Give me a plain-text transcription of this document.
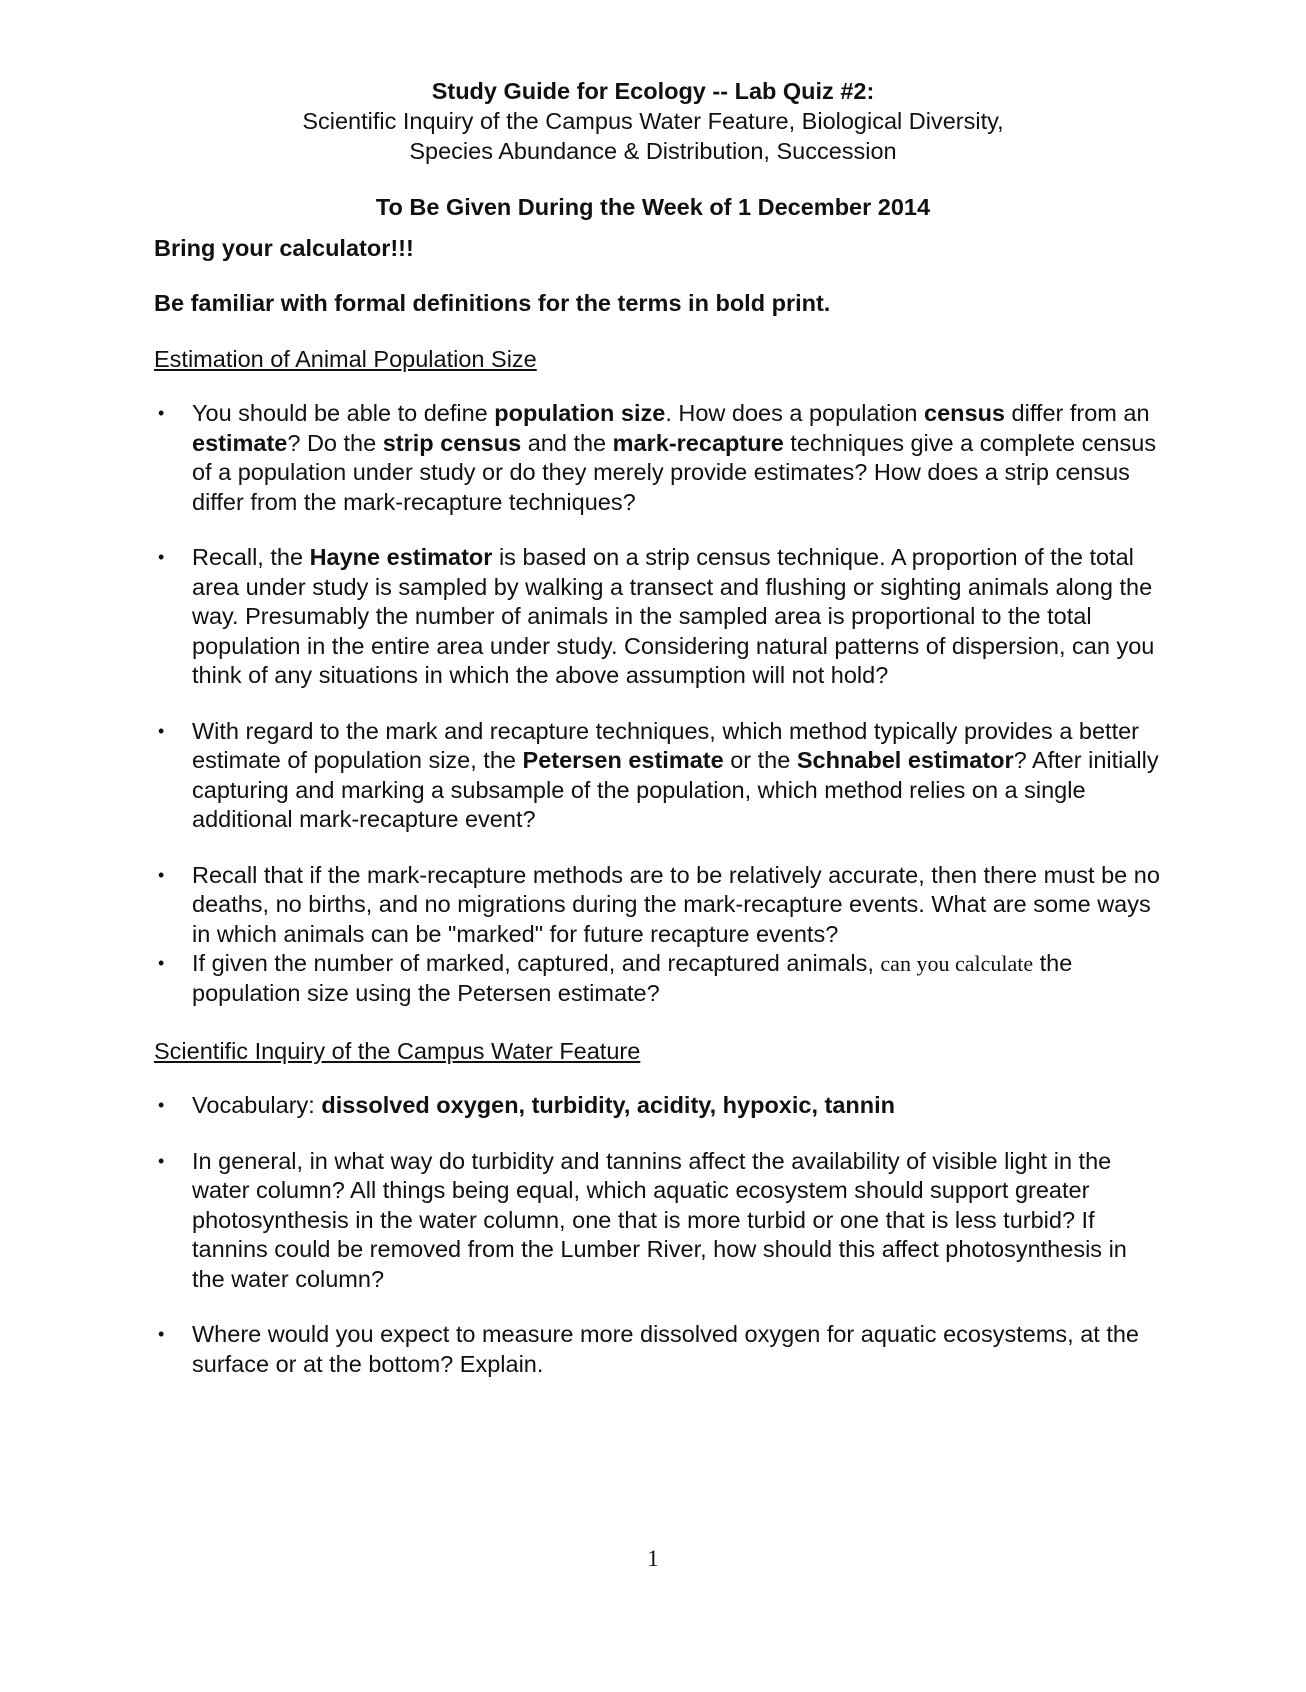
Study Guide for Ecology -- Lab Quiz #2:

Scientific Inquiry of the Campus Water Feature, Biological Diversity,

Species Abundance & Distribution, Succession

To Be Given During the Week of 1 December 2014

Bring your calculator!!!

Be familiar with formal definitions for the terms in bold print.

Estimation of Animal Population Size

• You should be able to define population size. How does a population census differ from an estimate? Do the strip census and the mark-recapture techniques give a complete census of a population under study or do they merely provide estimates? How does a strip census differ from the mark-recapture techniques?
• Recall, the Hayne estimator is based on a strip census technique. A proportion of the total area under study is sampled by walking a transect and flushing or sighting animals along the way. Presumably the number of animals in the sampled area is proportional to the total population in the entire area under study. Considering natural patterns of dispersion, can you think of any situations in which the above assumption will not hold?
• With regard to the mark and recapture techniques, which method typically provides a better estimate of population size, the Petersen estimate or the Schnabel estimator? After initially capturing and marking a subsample of the population, which method relies on a single additional mark-recapture event?
• Recall that if the mark-recapture methods are to be relatively accurate, then there must be no deaths, no births, and no migrations during the mark-recapture events. What are some ways in which animals can be "marked" for future recapture events?
• If given the number of marked, captured, and recaptured animals, can you calculate the population size using the Petersen estimate?

Scientific Inquiry of the Campus Water Feature

• Vocabulary: dissolved oxygen, turbidity, acidity, hypoxic, tannin
• In general, in what way do turbidity and tannins affect the availability of visible light in the water column? All things being equal, which aquatic ecosystem should support greater photosynthesis in the water column, one that is more turbid or one that is less turbid? If tannins could be removed from the Lumber River, how should this affect photosynthesis in the water column?
• Where would you expect to measure more dissolved oxygen for aquatic ecosystems, at the surface or at the bottom? Explain.
1
